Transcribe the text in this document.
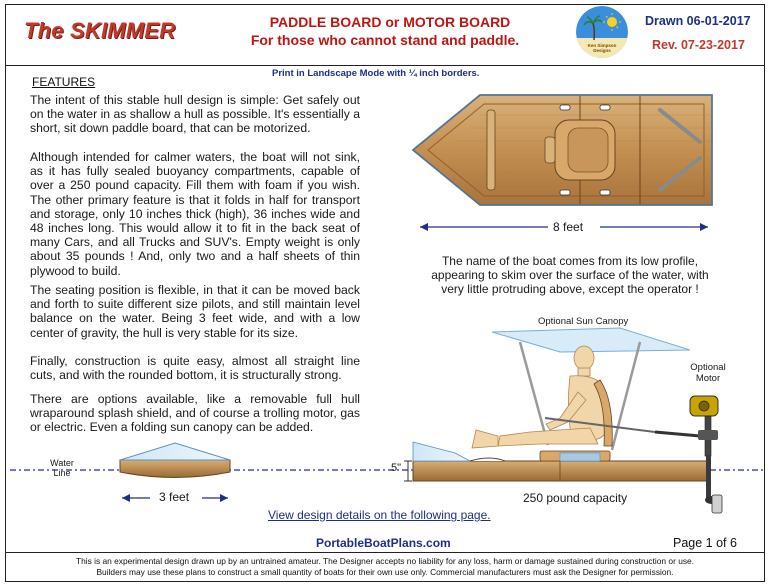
The SKIMMER	PADDLE BOARD or MOTOR BOARD
For those who cannot stand and paddle.	Ken Simpson
Designs
Drawn 06-01-2017
Rev. 07-23-2017
Print in Landscape Mode with ¼ inch borders.
FEATURES
The intent of this stable hull design is simple: Get safely out on the water in as shallow a hull as possible. It's essentially a short, sit down paddle board, that can be motorized.
Although intended for calmer waters, the boat will not sink, as it has fully sealed buoyancy compartments, capable of over a 250 pound capacity. Fill them with foam if you wish. The other primary feature is that it folds in half for transport and storage, only 10 inches thick (high), 36 inches wide and 48 inches long. This would allow it to fit in the back seat of many Cars, and all Trucks and SUV's. Empty weight is only about 35 pounds ! And, only two and a half sheets of thin plywood to build.
The seating position is flexible, in that it can be moved back and forth to suite different size pilots, and still maintain level balance on the water. Being 3 feet wide, and with a low center of gravity, the hull is very stable for its size.
Finally, construction is quite easy, almost all straight line cuts, and with the rounded bottom, it is structurally strong.
There are options available, like a removable full hull wraparound splash shield, and of course a trolling motor, gas or electric. Even a folding sun canopy can be added.
The name of the boat comes from its low profile, appearing to skim over the surface of the water, with very little protruding above, except the operator !
8 feet
3 feet
Water
Line	5"
Optional Sun Canopy
Optional
Motor
250 pound capacity
View design details on the following page.
PortableBoatPlans.com	Page 1 of 6
This is an experimental design drawn up by an untrained amateur. The Designer accepts no liability for any loss, harm or damage sustained during construction or use.
Builders may use these plans to construct a small quantity of boats for their own use only. Commercial manufacturers must ask the Designer for permission.
